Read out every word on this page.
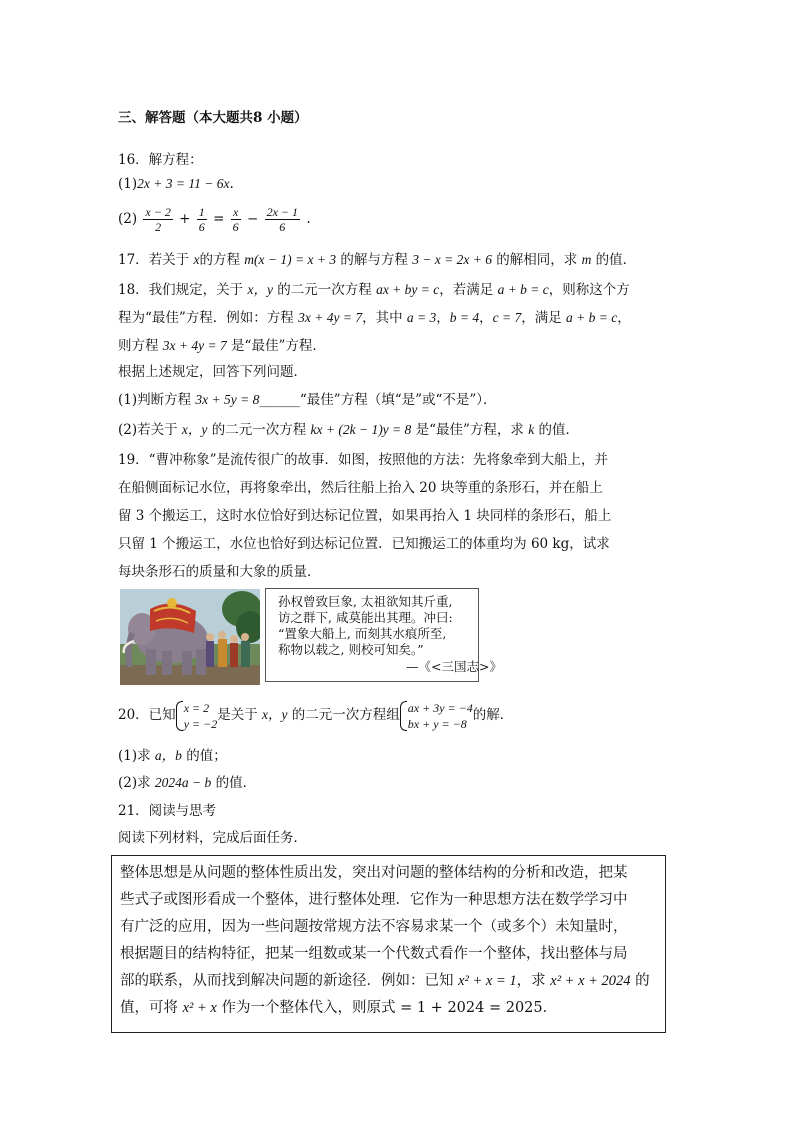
三、解答题（本大题共8 小题）
16．解方程：
(1)2x + 3 = 11 − 6x.
$(2) \frac{x - 2}{2} + \frac{1}{6} = \frac{x}{6} - \frac{2x - 1}{6}$ .
17．若关于 x的方程 m(x − 1) = x + 3 的解与方程 3 − x = 2x + 6 的解相同，求 m 的值．
18．我们规定，关于 x，y 的二元一次方程 ax + by = c，若满足 a + b = c，则称这个方
程为“最佳”方程．例如：方程 3x + 4y = 7，其中 a = 3，b = 4，c = 7，满足 a + b = c，
则方程 3x + 4y = 7 是“最佳”方程．
根据上述规定，回答下列问题．
(1)判断方程 3x + 5y = 8______“最佳”方程（填“是”或“不是”）．
(2)若关于 x，y 的二元一次方程 kx + (2k − 1)y = 8 是“最佳”方程，求 k 的值．
19．“曹冲称象”是流传很广的故事．如图，按照他的方法：先将象牵到大船上，并
在船侧面标记水位，再将象牵出，然后往船上抬入 20 块等重的条形石，并在船上
留 3 个搬运工，这时水位恰好到达标记位置，如果再抬入 1 块同样的条形石，船上
只留 1 个搬运工，水位也恰好到达标记位置．已知搬运工的体重均为 60 kg，试求
每块条形石的质量和大象的质量．
孙权曾致巨象, 太祖欲知其斤重,
访之群下, 咸莫能出其理。冲曰:
“置象大船上, 而刻其水痕所至,
称物以载之, 则校可知矣。”
—《<三国志>》
20．已知 x = 2
y = −2
是关于 x，y 的二元一次方程组 ax + 3y = −4
bx + y = −8
的解．
(1)求 a，b 的值；
(2)求 2024a − b 的值．
21．阅读与思考
阅读下列材料，完成后面任务．
整体思想是从问题的整体性质出发，突出对问题的整体结构的分析和改造，把某
些式子或图形看成一个整体，进行整体处理．它作为一种思想方法在数学学习中
有广泛的应用，因为一些问题按常规方法不容易求某一个（或多个）未知量时，
根据题目的结构特征，把某一组数或某一个代数式看作一个整体，找出整体与局
部的联系，从而找到解决问题的新途径．例如：已知 x² + x = 1，求 x² + x + 2024 的
值，可将 x² + x 作为一个整体代入，则原式 = 1 + 2024 = 2025．
